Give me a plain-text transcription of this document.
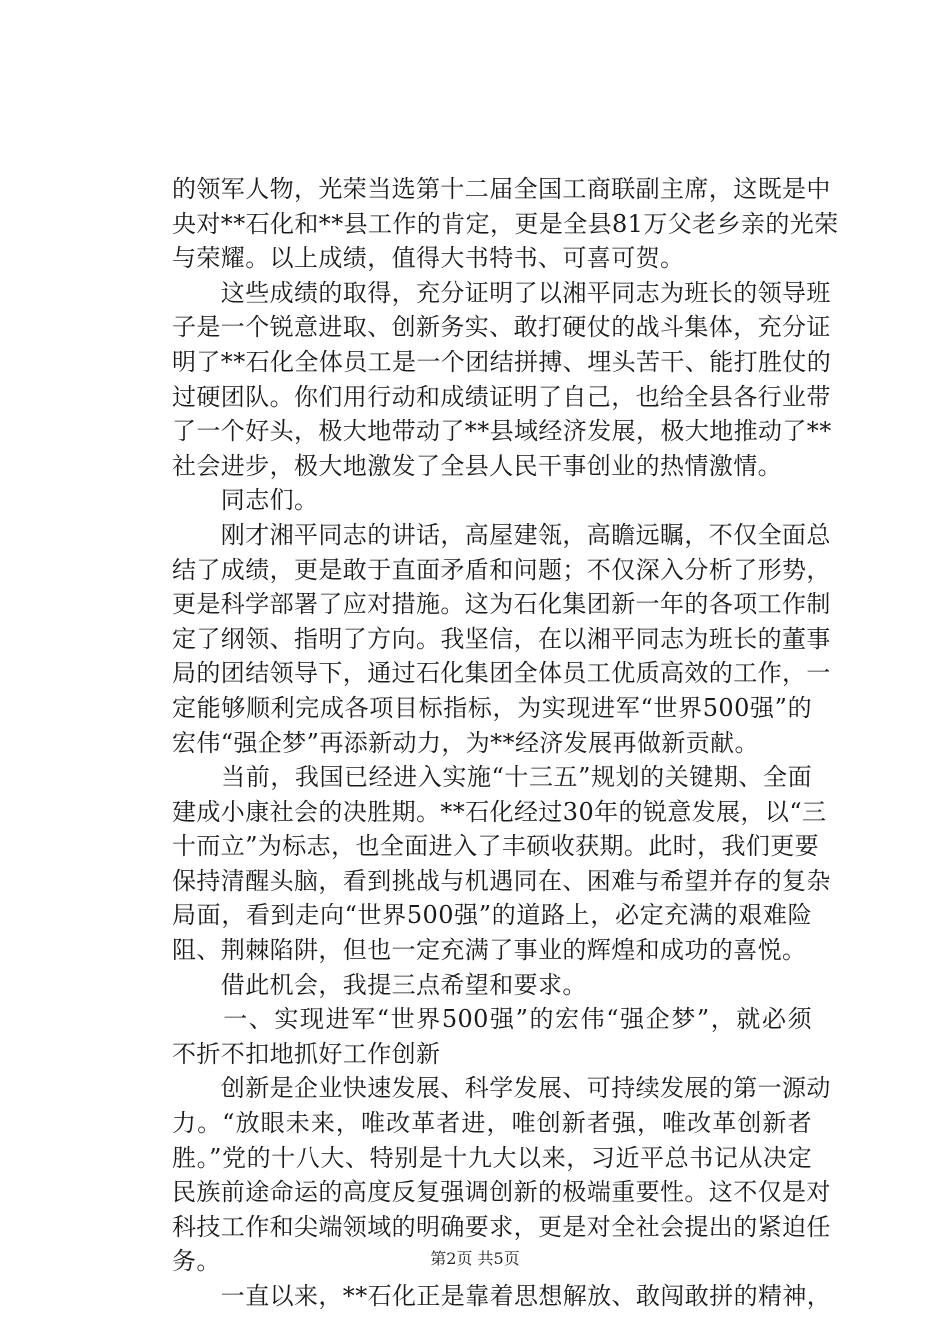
的领军人物，光荣当选第十二届全国工商联副主席，这既是中
央对**石化和**县工作的肯定，更是全县81万父老乡亲的光荣
与荣耀。以上成绩，值得大书特书、可喜可贺。
　　这些成绩的取得，充分证明了以湘平同志为班长的领导班
子是一个锐意进取、创新务实、敢打硬仗的战斗集体，充分证
明了**石化全体员工是一个团结拼搏、埋头苦干、能打胜仗的
过硬团队。你们用行动和成绩证明了自己，也给全县各行业带
了一个好头，极大地带动了**县域经济发展，极大地推动了**
社会进步，极大地激发了全县人民干事创业的热情激情。
　　同志们。
　　刚才湘平同志的讲话，高屋建瓴，高瞻远瞩，不仅全面总
结了成绩，更是敢于直面矛盾和问题；不仅深入分析了形势，
更是科学部署了应对措施。这为石化集团新一年的各项工作制
定了纲领、指明了方向。我坚信，在以湘平同志为班长的董事
局的团结领导下，通过石化集团全体员工优质高效的工作，一
定能够顺利完成各项目标指标，为实现进军“世界500强”的
宏伟“强企梦”再添新动力，为**经济发展再做新贡献。
　　当前，我国已经进入实施“十三五”规划的关键期、全面
建成小康社会的决胜期。**石化经过30年的锐意发展，以“三
十而立”为标志，也全面进入了丰硕收获期。此时，我们更要
保持清醒头脑，看到挑战与机遇同在、困难与希望并存的复杂
局面，看到走向“世界500强”的道路上，必定充满的艰难险
阻、荆棘陷阱，但也一定充满了事业的辉煌和成功的喜悦。
　　借此机会，我提三点希望和要求。
　　一、实现进军“世界500强”的宏伟“强企梦”，就必须
不折不扣地抓好工作创新
　　创新是企业快速发展、科学发展、可持续发展的第一源动
力。“放眼未来，唯改革者进，唯创新者强，唯改革创新者
胜。”党的十八大、特别是十九大以来，习近平总书记从决定
民族前途命运的高度反复强调创新的极端重要性。这不仅是对
科技工作和尖端领域的明确要求，更是对全社会提出的紧迫任
务。
　　一直以来，**石化正是靠着思想解放、敢闯敢拼的精神，
第2页 共5页
